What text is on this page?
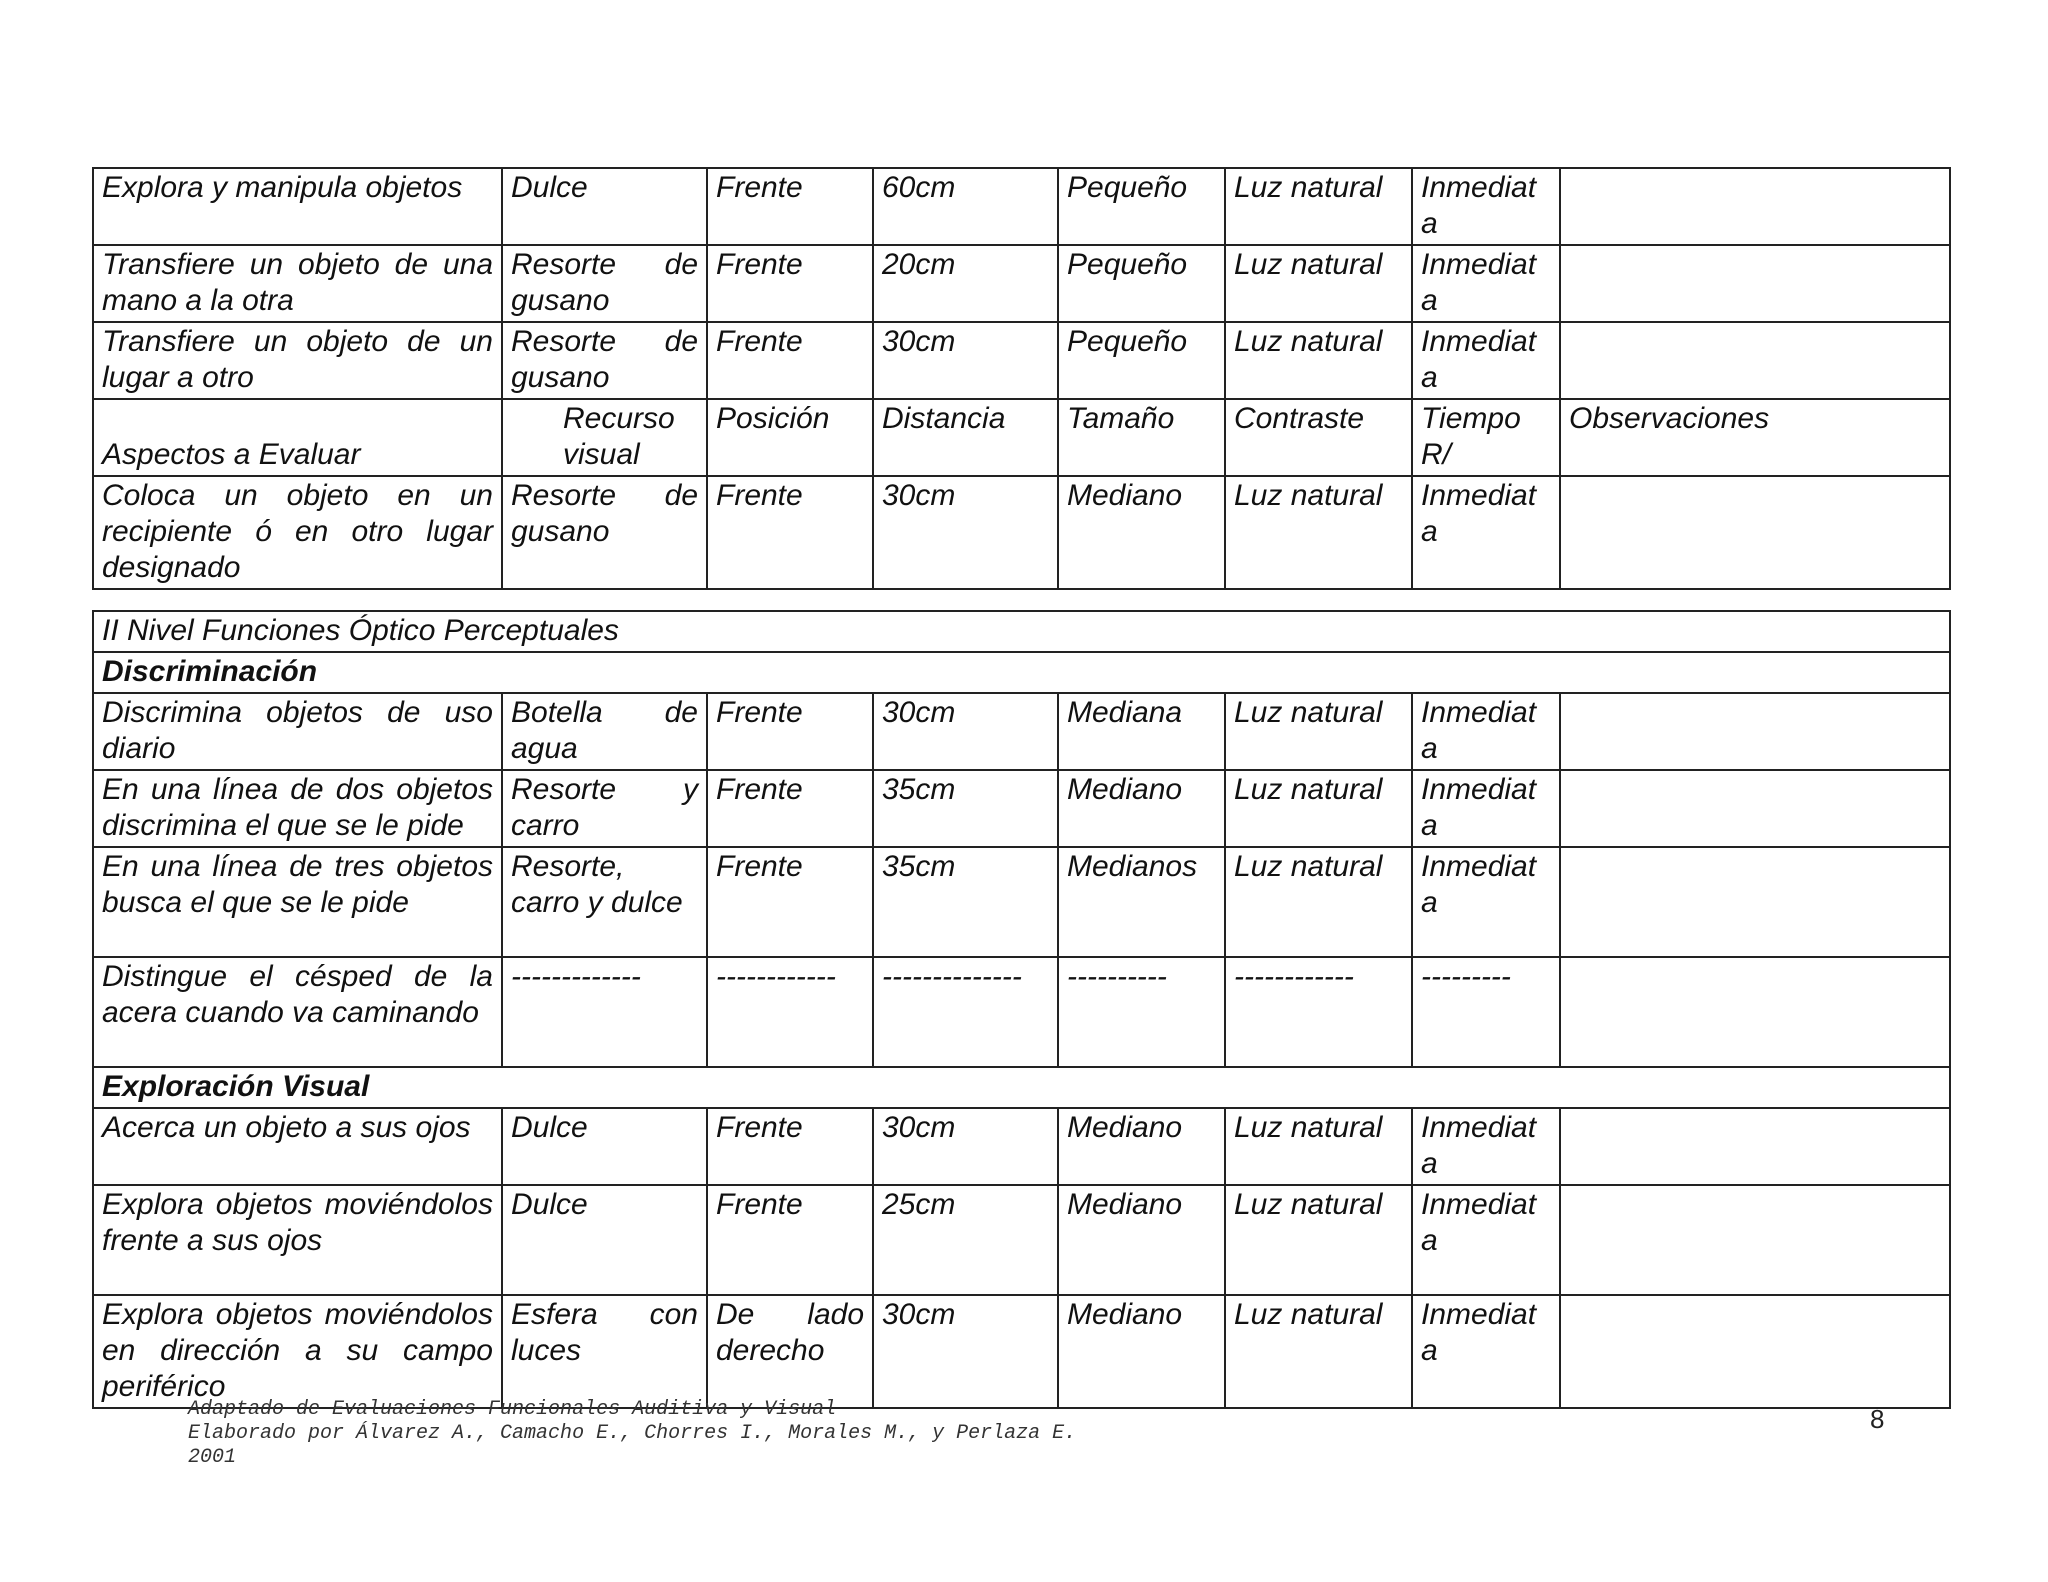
Explora y manipula objetos	Dulce	Frente	60cm	Pequeño	Luz natural	Inmediata	
Transfiere un objeto de una mano a la otra	Resorte de gusano	Frente	20cm	Pequeño	Luz natural	Inmediata	
Transfiere un objeto de un lugar a otro	Resorte de gusano	Frente	30cm	Pequeño	Luz natural	Inmediata	
Aspectos a Evaluar	Recurso visual	Posición	Distancia	Tamaño	Contraste	Tiempo R/	Observaciones
Coloca un objeto en un recipiente ó en otro lugar designado	Resorte de gusano	Frente	30cm	Mediano	Luz natural	Inmediata	
II Nivel Funciones Óptico Perceptuales							
Discriminación							
Discrimina objetos de uso diario	Botella de agua	Frente	30cm	Mediana	Luz natural	Inmediata	
En una línea de dos objetos discrimina el que se le pide	Resorte y carro	Frente	35cm	Mediano	Luz natural	Inmediata	
En una línea de tres objetos busca el que se le pide	Resorte, carro y dulce	Frente	35cm	Medianos	Luz natural	Inmediata	
Distingue el césped de la acera cuando va caminando	-------------	------------	--------------	----------	------------	---------	
Exploración Visual							
Acerca un objeto a sus ojos	Dulce	Frente	30cm	Mediano	Luz natural	Inmediata	
Explora objetos moviéndolos frente a sus ojos	Dulce	Frente	25cm	Mediano	Luz natural	Inmediata	
Explora objetos moviéndolos en dirección a su campo periférico	Esfera con luces	De lado derecho	30cm	Mediano	Luz natural	Inmediata	
Adaptado de Evaluaciones Funcionales Auditiva y Visual
Elaborado por Álvarez A., Camacho E., Chorres I., Morales M., y Perlaza E.
2001
8
